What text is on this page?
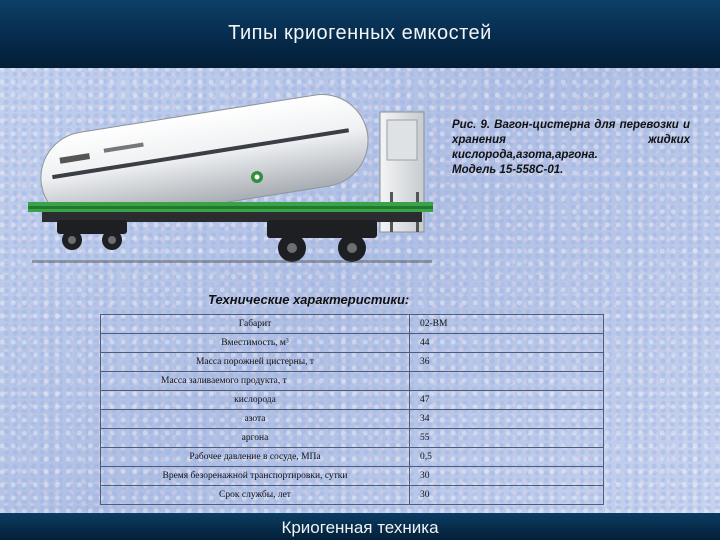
Типы криогенных емкостей
Рис. 9. Вагон-цистерна для перевозки и хранения жидких кислорода,азота,аргона.
Модель 15-558С-01.
Технические характеристики:
Габарит	02-ВМ
Вместимость, м³	44
Масса порожней цистерны, т	36
Масса заливаемого продукта, т	
кислорода	47
азота	34
аргона	55
Рабочее давление в сосуде, МПа	0,5
Время безоренажной транспортировки, сутки	30
Срок службы, лет	30
Криогенная техника
